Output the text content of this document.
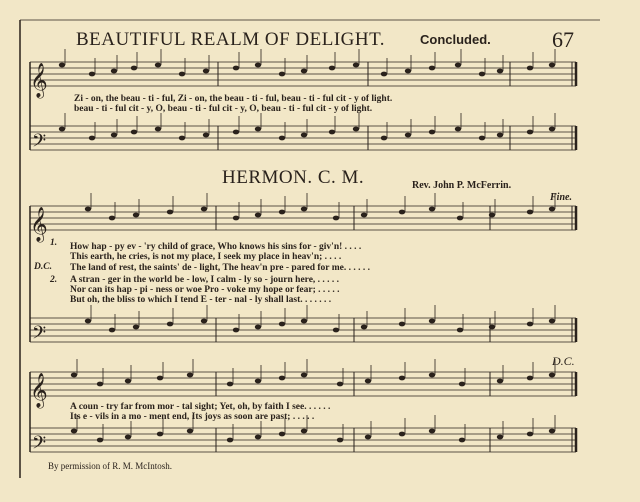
𝄞
𝄢
𝄞
𝄢
𝄞
𝄢
BEAUTIFUL REALM OF DELIGHT.	Concluded.	67
Zi - on, the beau - ti - ful, Zi - on, the beau - ti - ful, beau - ti - ful cit - y of light.
beau - ti - ful cit - y, O, beau - ti - ful cit - y, O, beau - ti - ful cit - y of light.
HERMON. C. M.	Rev. John P. McFerrin.
Fine.
1.
D.C.
2.
How hap - py ev - 'ry child of grace, Who knows his sins for - giv'n! . . . .
This earth, he cries, is not my place, I seek my place in heav'n; . . . .
The land of rest, the saints' de - light, The heav'n pre - pared for me. . . . . .
A stran - ger in the world be - low, I calm - ly so - journ here, . . . . .
Nor can its hap - pi - ness or woe Pro - voke my hope or fear; . . . . .
But oh, the bliss to which I tend E - ter - nal - ly shall last. . . . . . .
D.C.
A coun - try far from mor - tal sight; Yet, oh, by faith I see. . . . . .
Its e - vils in a mo - ment end, Its joys as soon are past; . . . . .
By permission of R. M. McIntosh.
